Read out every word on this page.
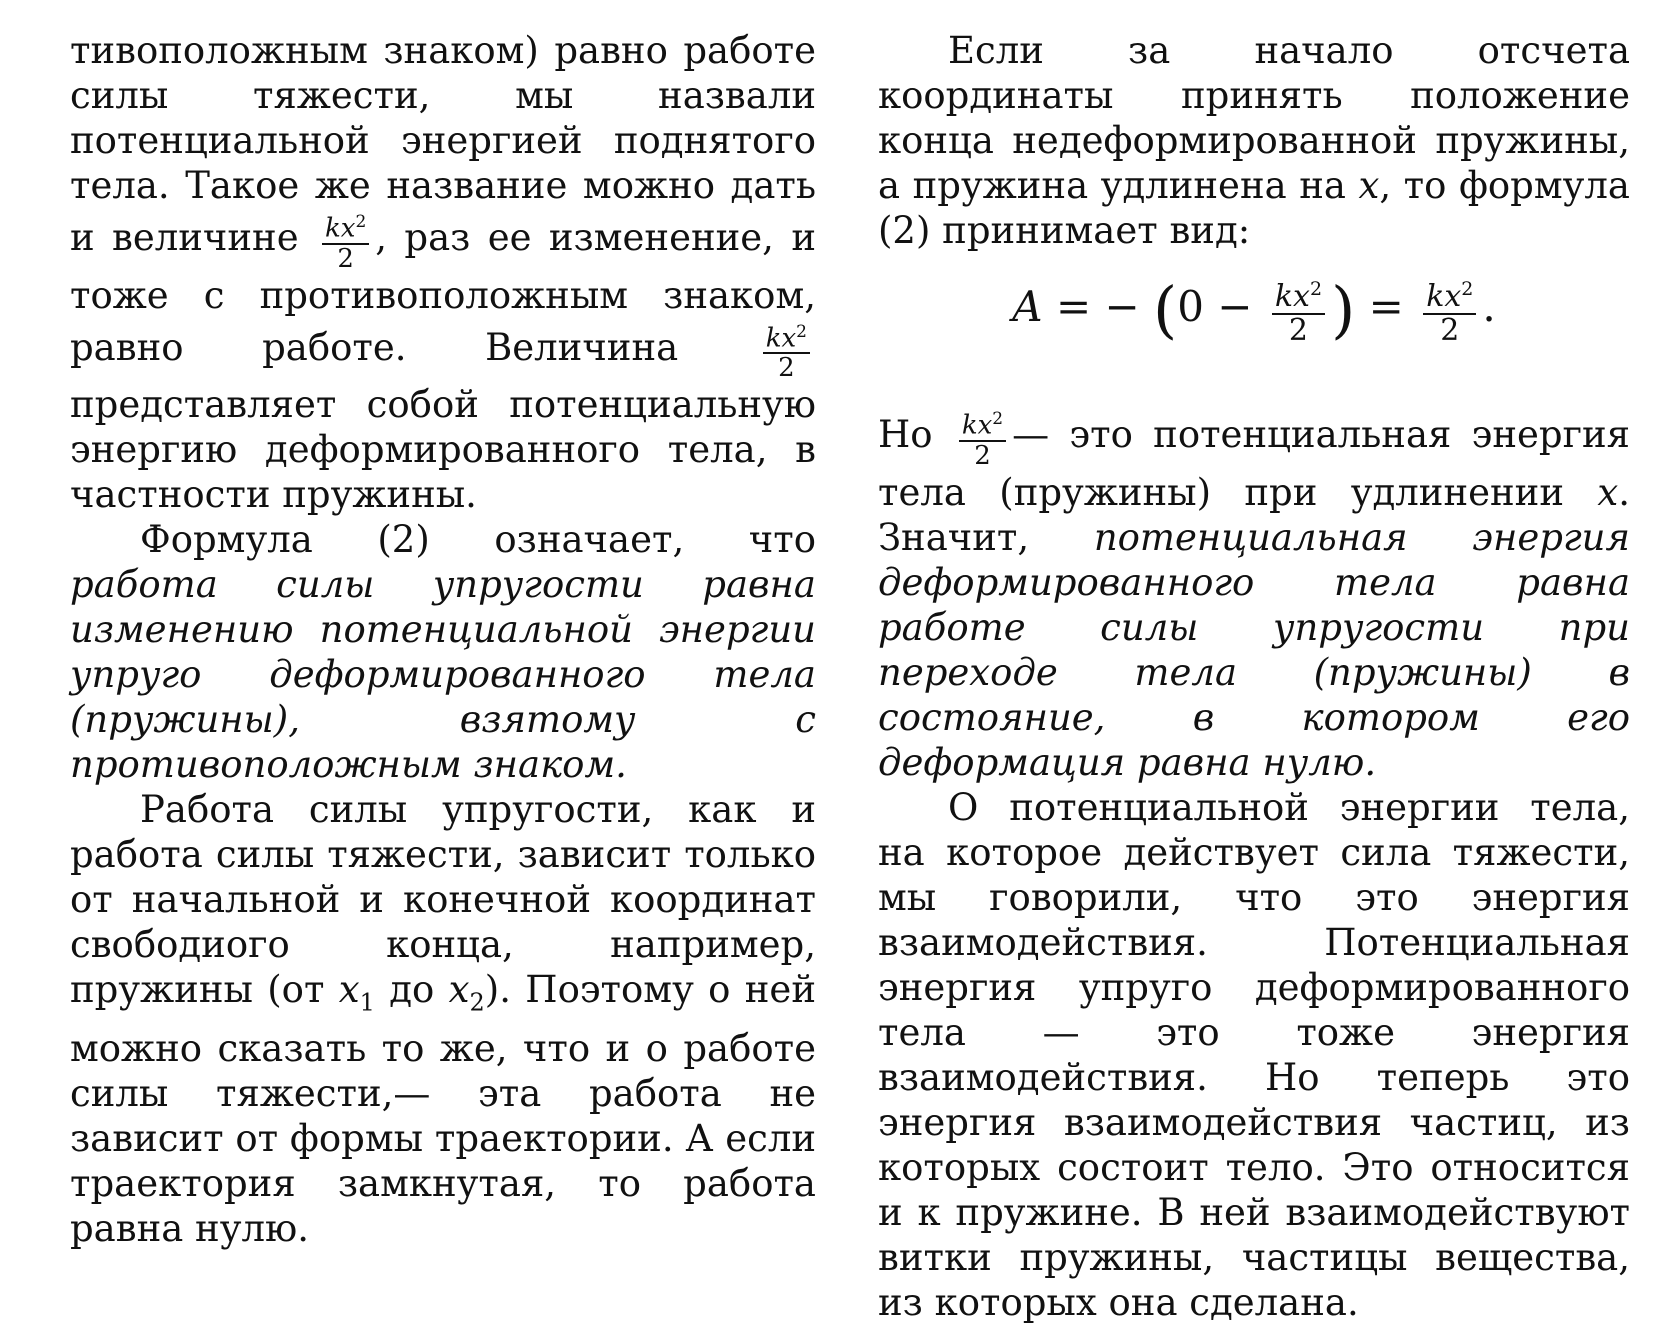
тивоположным знаком) равно работе силы тяжести, мы назвали потенциальной энергией поднятого тела. Такое же название можно дать и величине $\frac{kx^2}{2}$ , раз ее изменение, и тоже с противоположным знаком, равно работе. Величина	$\frac{kx^2}{2}$
представляет собой потенциальную энергию деформированного тела, в частности пружины.

Формула (2) означает, что работа силы упругости равна изменению потенциальной энергии упруго деформированного тела (пружины), взятому с противоположным знаком.

Работа силы упругости, как и работа силы тяжести, зависит только от начальной и конечной координат свободиого конца, например, пружины (от $x_1$ до $x_2$). Поэтому о ней можно сказать то же, что и о работе силы тяжести,— эта работа не зависит от формы траектории. А если траектория замкнутая, то работа равна нулю.

Если за начало отсчета координаты принять положение конца недеформированной пружины, а пружина удлинена на x, то формула (2) принимает вид:

A = − ($0 - \frac{kx^2}{2}$ ) = $\frac{kx^2}{2}$ .

Но $\frac{kx^2}{2}$ — это потенциальная энергия тела (пружины) при удлинении x. Значит, потенциальная энергия деформированного тела равна работе силы упругости при переходе тела (пружины) в состояние, в котором его деформация равна нулю.

О потенциальной энергии тела, на которое действует сила тяжести, мы говорили, что это энергия взаимодействия. Потенциальная энергия упруго деформированного тела — это тоже энергия взаимодействия. Но теперь это энергия взаимодействия частиц, из которых состоит тело. Это относится и к пружине. В ней взаимодействуют витки пружины, частицы вещества, из которых она сделана.
